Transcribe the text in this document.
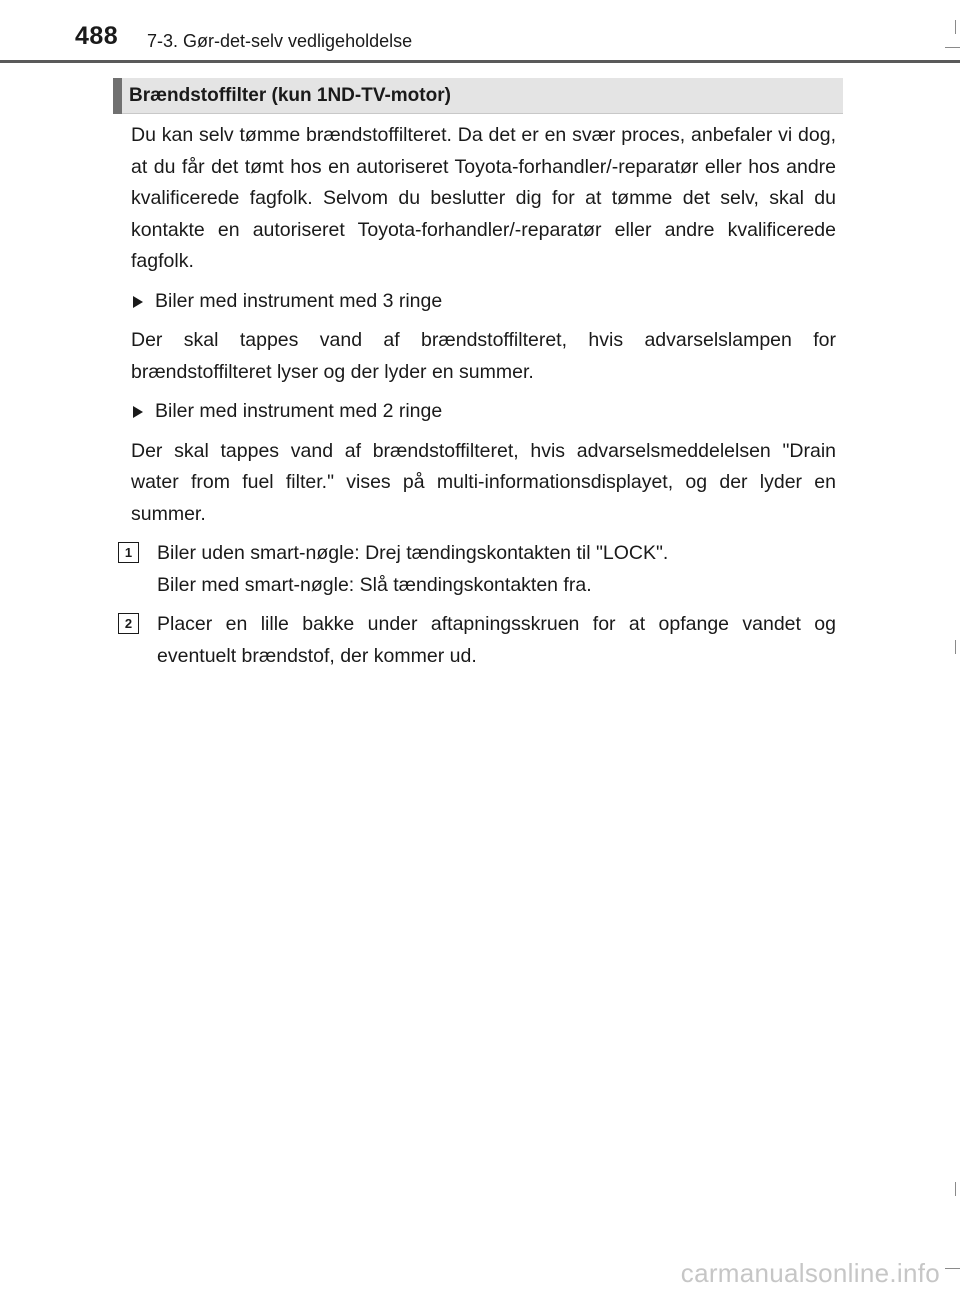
488 7-3. Gør-det-selv vedligeholdelse
Brændstoffilter (kun 1ND-TV-motor)

Du kan selv tømme brændstoffilteret. Da det er en svær proces, anbefaler vi dog, at du får det tømt hos en autoriseret Toyota-forhandler/-reparatør eller hos andre kvalificerede fagfolk. Selvom du beslutter dig for at tømme det selv, skal du kontakte en autoriseret Toyota-forhandler/-reparatør eller andre kvalificerede fagfolk.

Biler med instrument med 3 ringe

Der skal tappes vand af brændstoffilteret, hvis advarselslampen for brændstoffilteret lyser og der lyder en summer.

Biler med instrument med 2 ringe

Der skal tappes vand af brændstoffilteret, hvis advarselsmeddelelsen "Drain water from fuel filter." vises på multi-informationsdisplayet, og der lyder en summer.

1	Biler uden smart-nøgle: Drej tændingskontakten til "LOCK".
Biler med smart-nøgle: Slå tændingskontakten fra.
2	Placer en lille bakke under aftapningsskruen for at opfange vandet og eventuelt brændstof, der kommer ud.
carmanualsonline.info
